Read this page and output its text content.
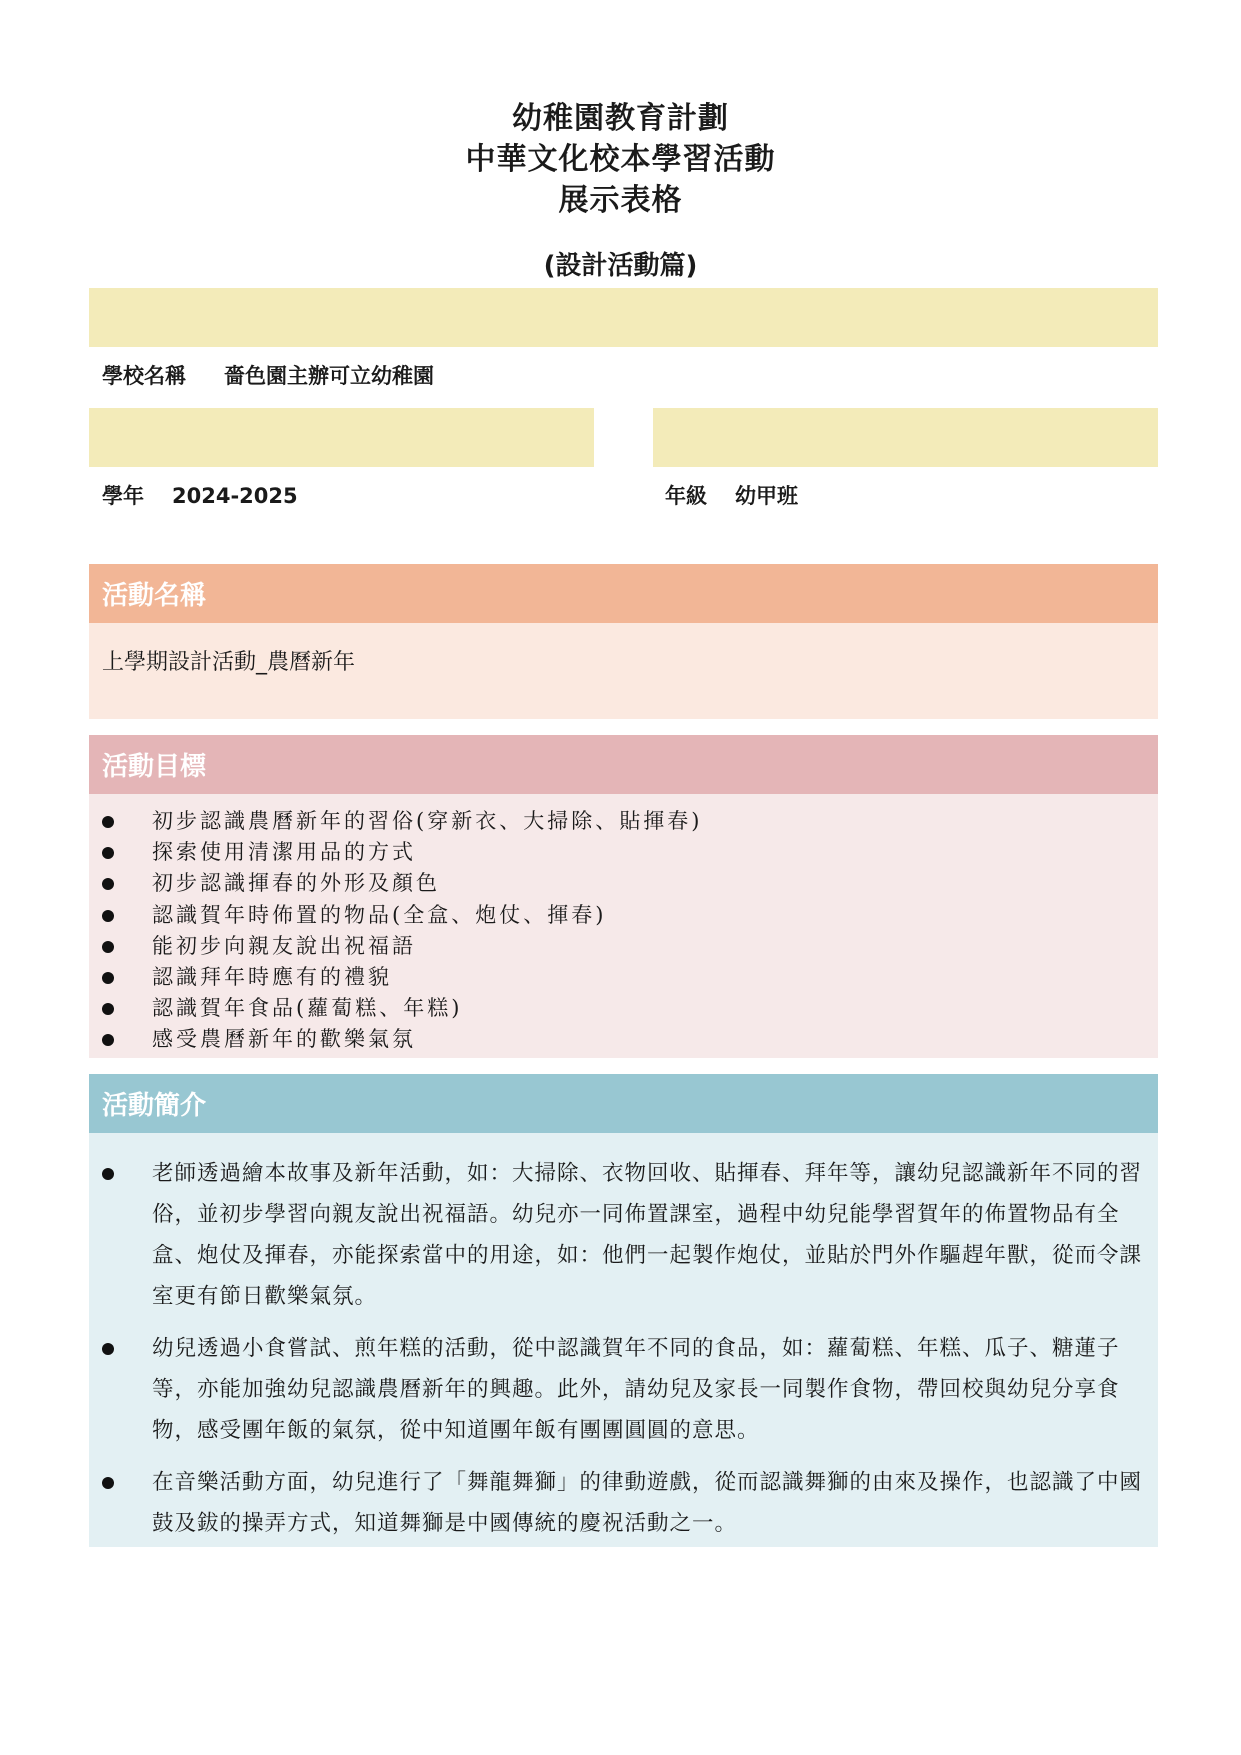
幼稚園教育計劃
中華文化校本學習活動
展示表格
(設計活動篇)
學校名稱 嗇色園主辦可立幼稚園
學年 2024-2025	年級 幼甲班
活動名稱
上學期設計活動_農曆新年
活動目標
初步認識農曆新年的習俗(穿新衣、大掃除、貼揮春)
探索使用清潔用品的方式
初步認識揮春的外形及顏色
認識賀年時佈置的物品(全盒、炮仗、揮春)
能初步向親友說出祝福語
認識拜年時應有的禮貌
認識賀年食品(蘿蔔糕、年糕)
感受農曆新年的歡樂氣氛
活動簡介
老師透過繪本故事及新年活動，如：大掃除、衣物回收、貼揮春、拜年等，讓幼兒認識新年不同的習俗，並初步學習向親友說出祝福語。幼兒亦一同佈置課室，過程中幼兒能學習賀年的佈置物品有全盒、炮仗及揮春，亦能探索當中的用途，如：他們一起製作炮仗，並貼於門外作驅趕年獸，從而令課室更有節日歡樂氣氛。
幼兒透過小食嘗試、煎年糕的活動，從中認識賀年不同的食品，如：蘿蔔糕、年糕、瓜子、糖蓮子等，亦能加強幼兒認識農曆新年的興趣。此外，請幼兒及家長一同製作食物，帶回校與幼兒分享食物，感受團年飯的氣氛，從中知道團年飯有團團圓圓的意思。
在音樂活動方面，幼兒進行了「舞龍舞獅」的律動遊戲，從而認識舞獅的由來及操作，也認識了中國鼓及鈸的操弄方式，知道舞獅是中國傳統的慶祝活動之一。
